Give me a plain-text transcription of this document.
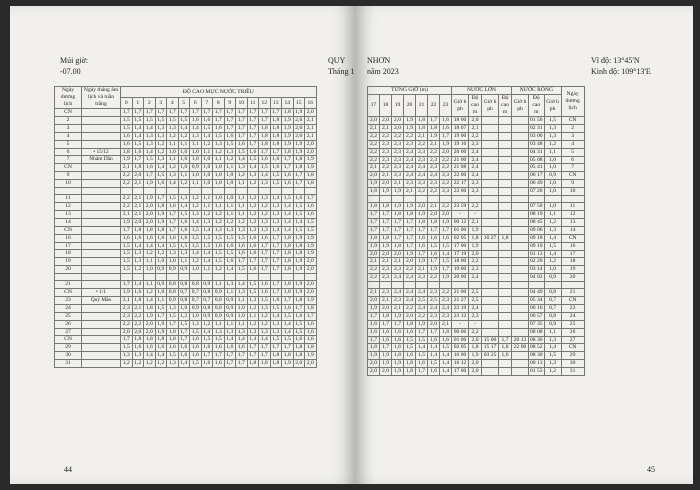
Múi giờ:
-07.00
QUY
Tháng 1
Ngày dương lịch	Ngày tháng âm lịch và tuần trăng	ĐỘ CAO MỰC NƯỚC TRIỀU																
		0	1	2	3	4	5	6	7	8	9	10	11	12	13	14	15	16
CN		1,7	1,7	1,7	1,7	1,7	1,7	1,7	1,7	1,7	1,7	1,7	1,7	1,7	1,7	1,8	1,9	2,0
2		1,5	1,5	1,5	1,5	1,5	1,5	1,6	1,6	1,7	1,7	1,7	1,7	1,7	1,8	1,9	2,0	2,1
3		1,5	1,4	1,4	1,3	1,3	1,4	1,4	1,5	1,6	1,7	1,7	1,7	1,8	1,8	1,9	2,0	2,1
4		1,6	1,4	1,3	1,3	1,2	1,2	1,3	1,4	1,5	1,6	1,7	1,7	1,8	1,8	1,9	2,0	2,1
5		1,6	1,5	1,3	1,2	1,1	1,1	1,1	1,2	1,3	1,5	1,6	1,7	1,8	1,8	1,9	1,9	2,0
6	• 15/12	1,8	1,6	1,4	1,2	1,0	1,0	1,0	1,1	1,2	1,3	1,5	1,6	1,7	1,7	1,8	1,9	2,0
7	Nhâm Dần	1,9	1,7	1,5	1,3	1,1	1,0	1,0	1,0	1,1	1,2	1,4	1,5	1,6	1,6	1,7	1,8	1,9
CN		2,1	1,8	1,6	1,4	1,2	1,0	0,9	1,0	1,0	1,1	1,3	1,4	1,5	1,6	1,7	1,8	1,9
9		2,2	2,0	1,7	1,5	1,3	1,1	1,0	1,0	1,0	1,0	1,2	1,3	1,4	1,5	1,6	1,7	1,8
10		2,2	2,1	1,9	1,6	1,4	1,2	1,1	1,0	1,0	1,0	1,1	1,2	1,3	1,5	1,6	1,7	1,8

11		2,2	2,1	1,9	1,7	1,5	1,3	1,2	1,1	1,0	1,0	1,1	1,2	1,3	1,4	1,5	1,6	1,7
12		2,2	2,1	2,0	1,8	1,6	1,4	1,2	1,1	1,1	1,1	1,1	1,2	1,2	1,3	1,4	1,5	1,6
13		2,1	2,1	2,0	1,9	1,7	1,5	1,3	1,2	1,2	1,1	1,1	1,2	1,2	1,3	1,4	1,5	1,6
14		1,9	2,0	2,0	1,9	1,7	1,6	1,4	1,3	1,2	1,2	1,2	1,2	1,3	1,3	1,4	1,4	1,5
CN		1,7	1,8	1,8	1,8	1,7	1,6	1,5	1,4	1,3	1,3	1,3	1,3	1,3	1,4	1,4	1,5	1,5
16		1,6	1,6	1,6	1,6	1,6	1,6	1,5	1,5	1,5	1,5	1,5	1,6	1,6	1,7	1,8	1,9	1,9
17		1,5	1,4	1,4	1,4	1,5	1,5	1,5	1,5	1,6	1,6	1,6	1,6	1,7	1,7	1,8	1,8	1,9
18		1,5	1,3	1,2	1,2	1,3	1,3	1,4	1,4	1,5	1,5	1,6	1,6	1,7	1,7	1,8	1,8	1,9
19		1,5	1,3	1,1	1,0	1,0	1,1	1,2	1,4	1,5	1,6	1,7	1,7	1,7	1,7	1,8	1,9	2,0
20		1,5	1,2	1,0	0,9	0,9	0,9	1,0	1,1	1,2	1,4	1,5	1,6	1,7	1,7	1,8	1,9	2,0

21		1,7	1,4	1,1	0,9	0,8	0,8	0,8	0,9	1,1	1,3	1,4	1,5	1,6	1,7	1,8	1,9	2,0
CN	• 1/1	1,9	1,6	1,2	1,0	0,8	0,7	0,7	0,8	0,9	1,1	1,3	1,5	1,6	1,7	1,8	1,9	2,0
23	Quý Mão	2,1	1,8	1,4	1,1	0,9	0,8	0,7	0,7	0,8	0,9	1,1	1,3	1,5	1,6	1,7	1,8	1,9
24		2,3	2,1	1,8	1,5	1,3	1,0	0,9	0,8	0,8	0,9	1,0	1,2	1,3	1,5	1,6	1,7	1,8
25		2,3	2,2	1,9	1,7	1,5	1,2	1,0	0,9	0,9	0,9	1,0	1,1	1,2	1,4	1,5	1,6	1,7
26		2,2	2,2	2,0	1,9	1,7	1,5	1,3	1,2	1,1	1,1	1,1	1,2	1,2	1,3	1,4	1,5	1,6
27		2,0	2,0	2,0	1,9	1,8	1,7	1,5	1,4	1,3	1,3	1,3	1,3	1,3	1,3	1,4	1,5	1,6
CN		1,7	1,8	1,8	1,8	1,8	1,7	1,6	1,5	1,5	1,4	1,4	1,4	1,4	1,5	1,5	1,6	1,6
29		1,5	1,6	1,6	1,6	1,6	1,6	1,6	1,6	1,6	1,6	1,6	1,7	1,7	1,7	1,7	1,8	1,8
30		1,3	1,3	1,4	1,4	1,5	1,6	1,6	1,7	1,7	1,7	1,7	1,7	1,7	1,8	1,8	1,8	1,9
31		1,2	1,2	1,2	1,2	1,3	1,4	1,5	1,6	1,6	1,7	1,7	1,8	1,8	1,8	1,9	2,0	2,0
44
NHƠN
năm 2023
Vĩ độ: 13°45'N
Kinh độ: 109°13'E
TỪNG GIỜ (m)							NƯỚC LỚN				NƯỚC RÒNG			Ngày dương lịch
17	18	19	20	21	22	23	Giờ h ph	Độ cao m	Giờ h ph	Độ cao m	Giờ h ph	Độ cao m	Giờ h ph	
2,0	2,0	2,0	1,9	1,8	1,7	1,6	18 00	2,0				01 56	1,5	CN
2,1	2,1	2,0	1,9	1,8	1,8	1,6	18 07	2,1				02 31	1,3	2
2,2	2,2	2,2	2,2	2,1	1,9	1,7	19 00	2,2				03 00	1,3	3
2,2	2,3	2,3	2,3	2,2	2,1	1,9	19 16	2,3				03 48	1,2	4
2,2	2,3	2,3	2,4	2,3	2,2	2,0	20 00	2,4				04 31	1,1	5
2,2	2,3	2,3	2,4	2,3	2,3	2,2	21 00	2,4				05 08	1,0	6
2,1	2,2	2,3	2,4	2,4	2,3	2,2	21 08	2,4				05 41	1,0	7
2,0	2,1	2,3	2,4	2,4	2,4	2,3	22 00	2,4				06 17	0,9	CN
1,9	2,0	2,1	2,3	2,3	2,3	2,2	22 17	2,3				06 49	1,0	9
1,8	1,9	1,9	2,1	2,2	2,2	2,3	23 00	2,3				07 20	1,0	10

1,8	1,8	1,9	1,9	2,0	2,1	2,2	23 59	2,2				07 50	1,0	11
1,7	1,7	1,8	1,8	1,9	2,0	2,0	-	-				08 19	1,1	12
1,7	1,7	1,7	1,7	1,8	1,8	1,9	00 12	2,1				08 45	1,2	13
1,7	1,7	1,7	1,7	1,7	1,7	1,7	01 00	1,9				09 06	1,3	14
1,8	1,8	1,7	1,7	1,6	1,6	1,6	02 05	1,8	16 27	1,8		09 18	1,4	CN
1,9	1,9	1,8	1,7	1,6	1,5	1,5	17 00	1,9				09 10	1,5	16
2,0	2,0	2,0	1,9	1,7	1,6	1,4	17 19	2,0				01 13	1,4	17
2,1	2,1	2,1	2,0	1,9	1,7	1,5	18 00	2,2				02 20	1,2	18
2,2	2,3	2,3	2,2	2,1	1,9	1,7	19 00	2,3				03 14	1,0	19
2,2	2,3	2,4	2,4	2,3	2,2	1,9	20 00	2,4				04 03	0,9	20

2,1	2,3	2,4	2,4	2,4	2,3	2,2	21 00	2,5				04 49	0,8	21
2,0	2,1	2,3	2,4	2,5	2,5	2,3	21 27	2,5				05 34	0,7	CN
1,9	2,0	2,1	2,2	2,4	2,4	2,4	22 19	2,4				06 16	0,7	23
1,7	1,8	1,9	2,0	2,2	2,3	2,3	23 12	2,3				06 57	0,8	24
1,6	1,7	1,7	1,8	1,9	2,0	2,1	-	-				07 35	0,9	25
1,6	1,6	1,6	1,6	1,7	1,7	1,8	00 06	2,2				08 08	1,1	26
1,7	1,6	1,6	1,5	1,5	1,6	1,6	01 00	2,0	15 00	1,7	20 13	08 36	1,3	27
1,8	1,7	1,6	1,5	1,4	1,4	1,5	02 05	1,8	15 17	1,8	22 00	08 52	1,4	CN
1,9	1,9	1,8	1,6	1,5	1,4	1,4	16 00	1,9	03 25	1,6		08 30	1,5	29
2,0	1,9	1,9	1,8	1,6	1,5	1,4	16 12	2,0				00 13	1,3	30
2,0	2,0	1,9	1,8	1,7	1,6	1,4	17 00	2,0				01 53	1,2	31
45
